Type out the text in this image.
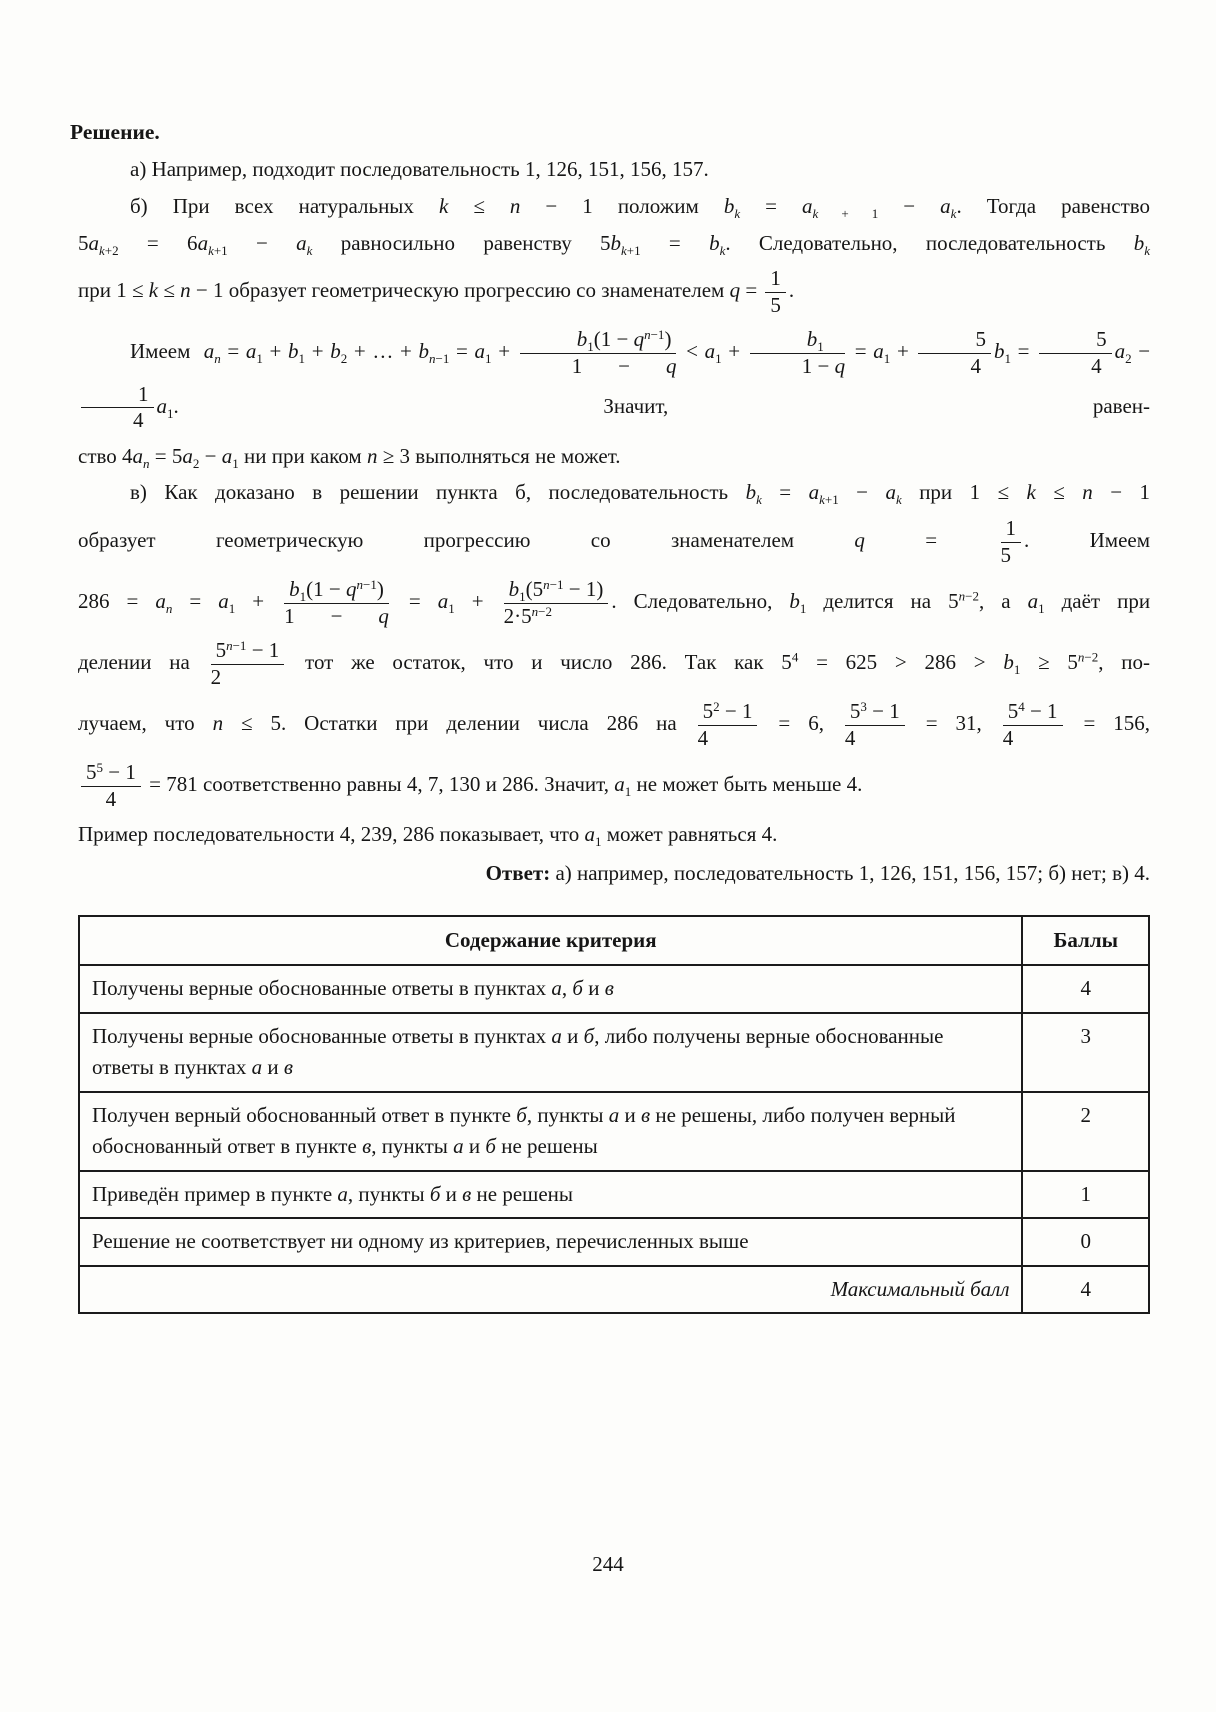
Решение.

а) Например, подходит последовательность 1, 126, 151, 156, 157.
б) При всех натуральных k ≤ n − 1 положим $b_k = a_{k + 1} - a_k$. Тогда равенство
$5a_{k+2} = 6a_{k+1} - a_k$ равносильно равенству $5b_{k+1} = b_k$. Следовательно, последовательность $b_k$
при 1 ≤ k ≤ n − 1 образует геометрическую прогрессию со знаменателем $q = \frac{1}{5}$ .
Имеем  $a_n = a_1 + b_1 + b_2$ + … + $b_{n-1} = a_1 + \frac{b_1(1 - q^{n-1})}{1 - q} < a_1 + \frac{b_1}{1 - q} = a_1 + \frac{5}{4} b_1 = \frac{5}{4} a_2$ −
$\frac{1}{4} a_1$. Значит, равен-
ство $4a_n = 5a_2 - a_1$ ни при каком n ≥ 3 выполняться не может.
в) Как доказано в решении пункта б, последовательность $b_k = a_{k+1} - a_k$ при 1 ≤ k ≤ n − 1
образует геометрическую прогрессию со знаменателем $q = \frac{1}{5}$ . Имеем
$286 = a_n = a_1 + \frac{b_1(1 - q^{n-1})}{1 - q} = a_1 + \frac{b_1(5^{n-1} - 1)}{2\cdot 5^{n-2}}$ . Следовательно, $b_1$ делится на $5^{n-2}$, а $a_1$ даёт при
делении на $\frac{5^{n-1} - 1}{2}$ тот же остаток, что и число 286. Так как $5^4 = 625 > 286 > b_1 \ge 5^{n-2}$, по-
лучаем, что n ≤ 5. Остатки при делении числа 286 на $\frac{5^2 - 1}{4} = 6$, $\frac{5^3 - 1}{4} = 31$, $\frac{5^4 - 1}{4} = 156$,
$\frac{5^5 - 1}{4} = 781$ соответственно равны 4, 7, 130 и 286. Значит, $a_1$ не может быть меньше 4.
Пример последовательности 4, 239, 286 показывает, что $a_1$ может равняться 4.
Ответ: а) например, последовательность 1, 126, 151, 156, 157; б) нет; в) 4.
Содержание критерия	Баллы
Получены верные обоснованные ответы в пунктах а, б и в	4
Получены верные обоснованные ответы в пунктах а и б, либо получены верные обоснованные ответы в пунктах а и в	3
Получен верный обоснованный ответ в пункте б, пункты а и в не решены, либо получен верный обоснованный ответ в пункте в, пункты а и б не решены	2
Приведён пример в пункте а, пункты б и в не решены	1
Решение не соответствует ни одному из критериев, перечисленных выше	0
Максимальный балл	4
244
